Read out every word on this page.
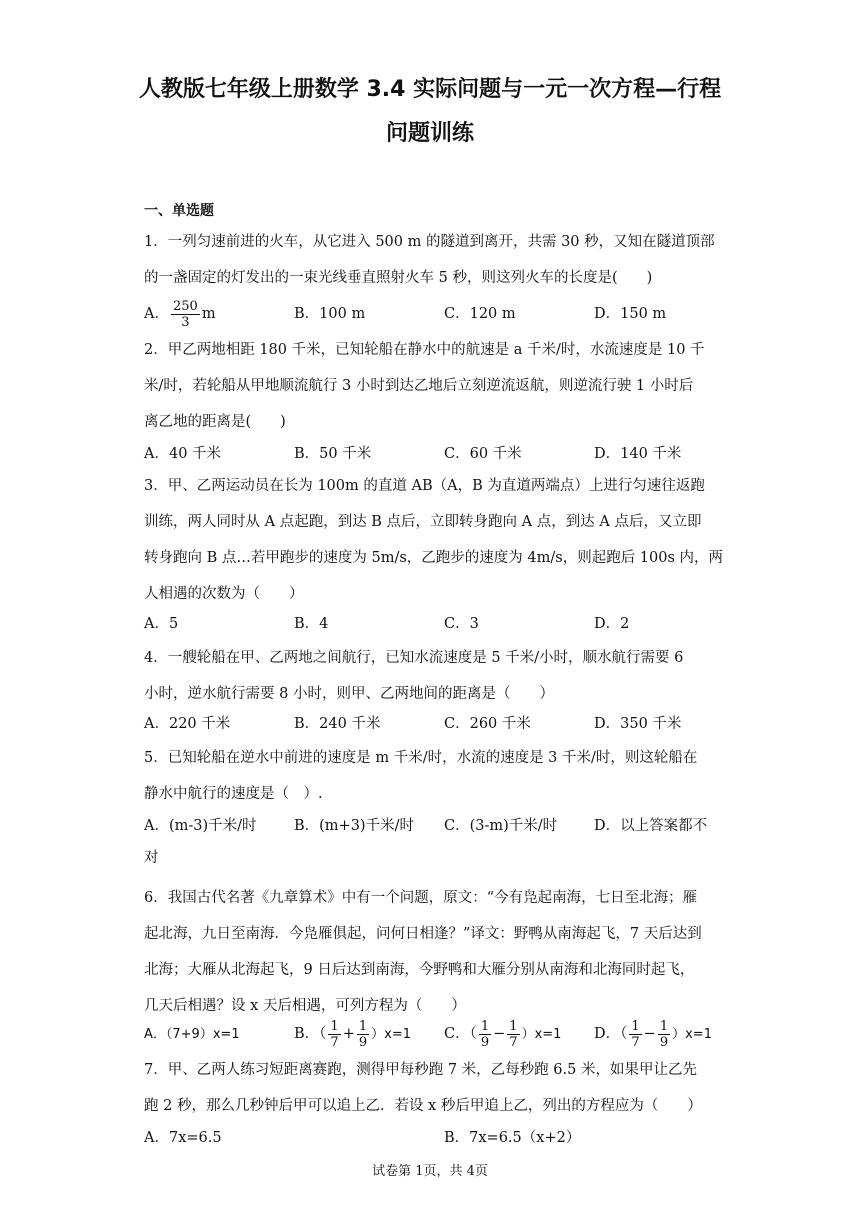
人教版七年级上册数学 3.4 实际问题与一元一次方程—行程
问题训练
一、单选题
1．一列匀速前进的火车，从它进入 500 m 的隧道到离开，共需 30 秒，又知在隧道顶部
的一盏固定的灯发出的一束光线垂直照射火车 5 秒，则这列火车的长度是(　　)
A． $\frac{250}{3}$ m	B．100 m	C．120 m	D．150 m
2．甲乙两地相距 180 千米，已知轮船在静水中的航速是 a 千米/时，水流速度是 10 千
米/时，若轮船从甲地顺流航行 3 小时到达乙地后立刻逆流返航，则逆流行驶 1 小时后
离乙地的距离是(　　)
A．40 千米	B．50 千米	C．60 千米	D．140 千米
3．甲、乙两运动员在长为 100m 的直道 AB（A，B 为直道两端点）上进行匀速往返跑
训练，两人同时从 A 点起跑，到达 B 点后，立即转身跑向 A 点，到达 A 点后，又立即
转身跑向 B 点…若甲跑步的速度为 5m/s，乙跑步的速度为 4m/s，则起跑后 100s 内，两
人相遇的次数为（　　）
A．5	B．4	C．3	D．2
4．一艘轮船在甲、乙两地之间航行，已知水流速度是 5 千米/小时，顺水航行需要 6
小时，逆水航行需要 8 小时，则甲、乙两地间的距离是（　　）
A．220 千米	B．240 千米	C．260 千米	D．350 千米
5．已知轮船在逆水中前进的速度是 m 千米/时，水流的速度是 3 千米/时，则这轮船在
静水中航行的速度是（　）.
A．(m-3)千米/时	B．(m+3)千米/时 C．(3-m)千米/时	D．以上答案都不
对
6．我国古代名著《九章算术》中有一个问题，原文：“今有凫起南海，七日至北海；雁
起北海，九日至南海．今凫雁俱起，问何日相逢？”译文：野鸭从南海起飞，7 天后达到
北海；大雁从北海起飞，9 日后达到南海，今野鸭和大雁分别从南海和北海同时起飞，
几天后相遇？设 x 天后相遇，可列方程为（　　）
A．（7+9）x=1	B．（ $\frac{1}{7} + \frac{1}{9} )x=1$ C．（ $\frac{1}{9} - \frac{1}{7} )x=1$ D．（ $\frac{1}{7} - \frac{1}{9} )x=1$
7．甲、乙两人练习短距离赛跑，测得甲每秒跑 7 米，乙每秒跑 6.5 米，如果甲让乙先
跑 2 秒，那么几秒钟后甲可以追上乙．若设 x 秒后甲追上乙，列出的方程应为（　　）
A．7x=6.5	B．7x=6.5（x+2）
试卷第 1页，共 4页
